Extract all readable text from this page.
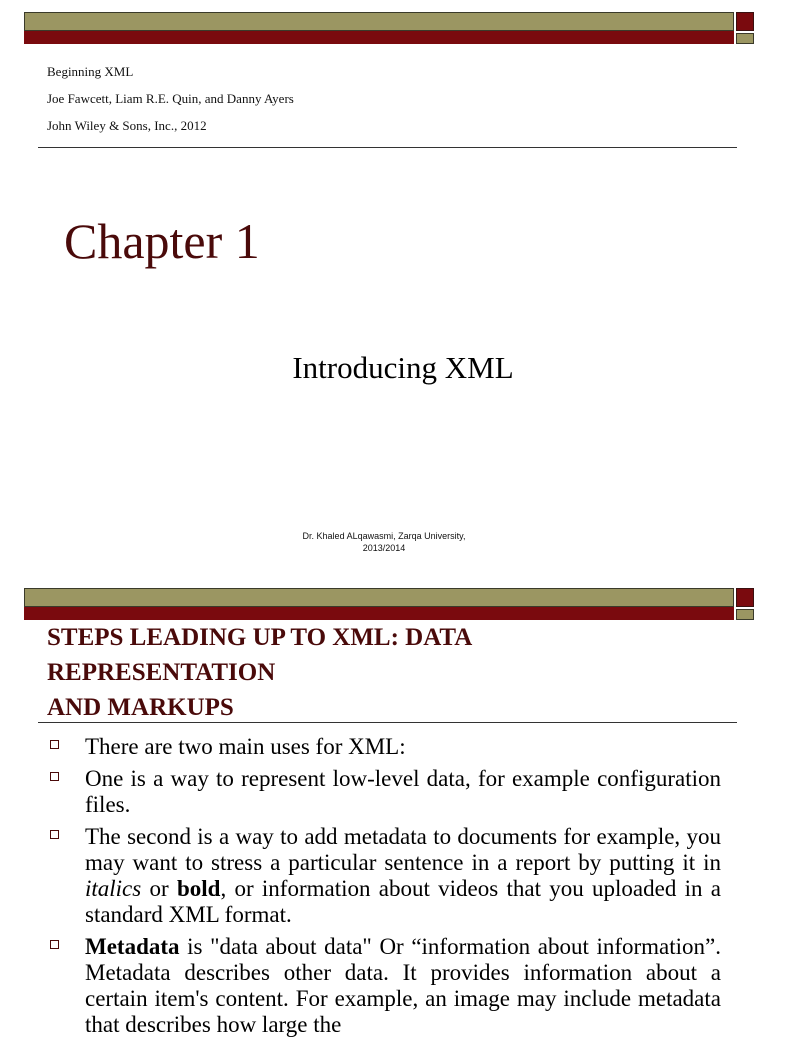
Beginning XML
Joe Fawcett, Liam R.E. Quin, and Danny Ayers
John Wiley & Sons, Inc., 2012
Chapter 1
Introducing XML
Dr. Khaled ALqawasmi, Zarqa University,
2013/2014
STEPS LEADING UP TO XML: DATA
REPRESENTATION
AND MARKUPS
There are two main uses for XML:
One is a way to represent low-level data, for example configuration files.
The second is a way to add metadata to documents for example, you may want to stress a particular sentence in a report by putting it in italics or bold, or information about videos that you uploaded in a standard XML format.
Metadata is "data about data" Or “information about information”. Metadata describes other data. It provides information about a certain item's content. For example, an image may include metadata that describes how large the
